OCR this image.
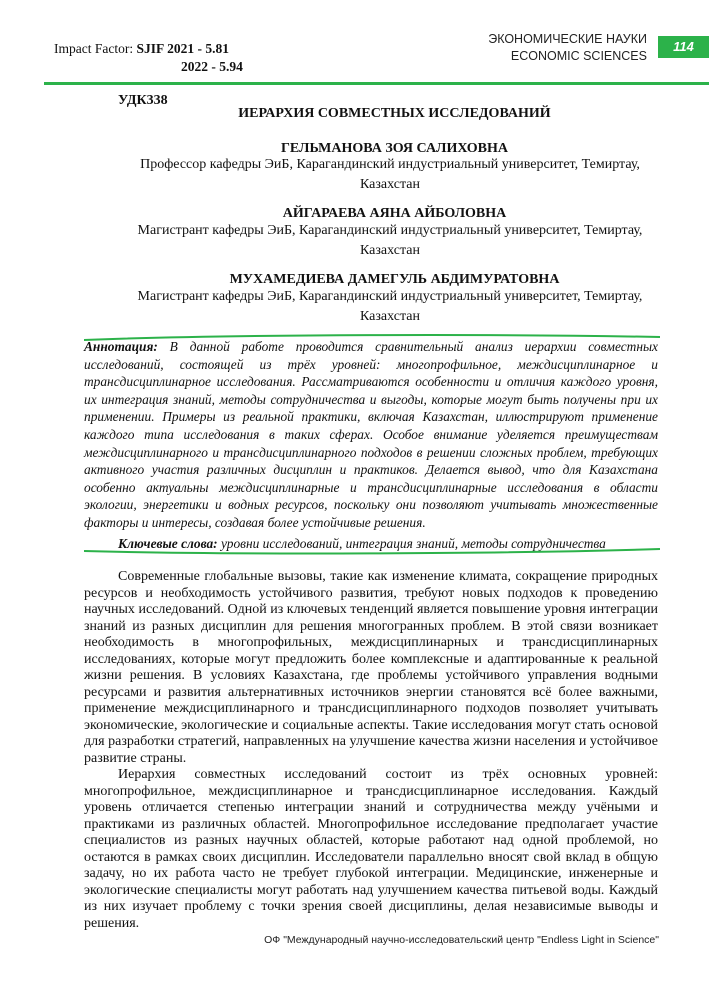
Impact Factor: SJIF 2021 - 5.81
2022 - 5.94
ЭКОНОМИЧЕСКИЕ НАУКИ
ECONOMIC SCIENCES
114
УДК338
ИЕРАРХИЯ СОВМЕСТНЫХ ИССЛЕДОВАНИЙ
ГЕЛЬМАНОВА ЗОЯ САЛИХОВНА
Профессор кафедры ЭиБ, Карагандинский индустриальный университет, Темиртау, Казахстан
АЙГАРАЕВА АЯНА АЙБОЛОВНА
Магистрант кафедры ЭиБ, Карагандинский индустриальный университет, Темиртау, Казахстан
МУХАМЕДИЕВА ДАМЕГУЛЬ АБДИМУРАТОВНА
Магистрант кафедры ЭиБ, Карагандинский индустриальный университет, Темиртау, Казахстан
Аннотация: В данной работе проводится сравнительный анализ иерархии совместных исследований, состоящей из трёх уровней: многопрофильное, междисциплинарное и трансдисциплинарное исследования. Рассматриваются особенности и отличия каждого уровня, их интеграция знаний, методы сотрудничества и выгоды, которые могут быть получены при их применении. Примеры из реальной практики, включая Казахстан, иллюстрируют применение каждого типа исследования в таких сферах. Особое внимание уделяется преимуществам междисциплинарного и трансдисциплинарного подходов в решении сложных проблем, требующих активного участия различных дисциплин и практиков. Делается вывод, что для Казахстана особенно актуальны междисциплинарные и трансдисциплинарные исследования в области экологии, энергетики и водных ресурсов, поскольку они позволяют учитывать множественные факторы и интересы, создавая более устойчивые решения.
Ключевые слова: уровни исследований, интеграция знаний, методы сотрудничества

Современные глобальные вызовы, такие как изменение климата, сокращение природных ресурсов и необходимость устойчивого развития, требуют новых подходов к проведению научных исследований. Одной из ключевых тенденций является повышение уровня интеграции знаний из разных дисциплин для решения многогранных проблем. В этой связи возникает необходимость в многопрофильных, междисциплинарных и трансдисциплинарных исследованиях, которые могут предложить более комплексные и адаптированные к реальной жизни решения. В условиях Казахстана, где проблемы устойчивого управления водными ресурсами и развития альтернативных источников энергии становятся всё более важными, применение междисциплинарного и трансдисциплинарного подходов позволяет учитывать экономические, экологические и социальные аспекты. Такие исследования могут стать основой для разработки стратегий, направленных на улучшение качества жизни населения и устойчивое развитие страны.

Иерархия совместных исследований состоит из трёх основных уровней: многопрофильное, междисциплинарное и трансдисциплинарное исследования. Каждый уровень отличается степенью интеграции знаний и сотрудничества между учёными и практиками из различных областей. Многопрофильное исследование предполагает участие специалистов из разных научных областей, которые работают над одной проблемой, но остаются в рамках своих дисциплин. Исследователи параллельно вносят свой вклад в общую задачу, но их работа часто не требует глубокой интеграции. Медицинские, инженерные и экологические специалисты могут работать над улучшением качества питьевой воды. Каждый из них изучает проблему с точки зрения своей дисциплины, делая независимые выводы и решения.

ОФ "Международный научно-исследовательский центр "Endless Light in Science"
